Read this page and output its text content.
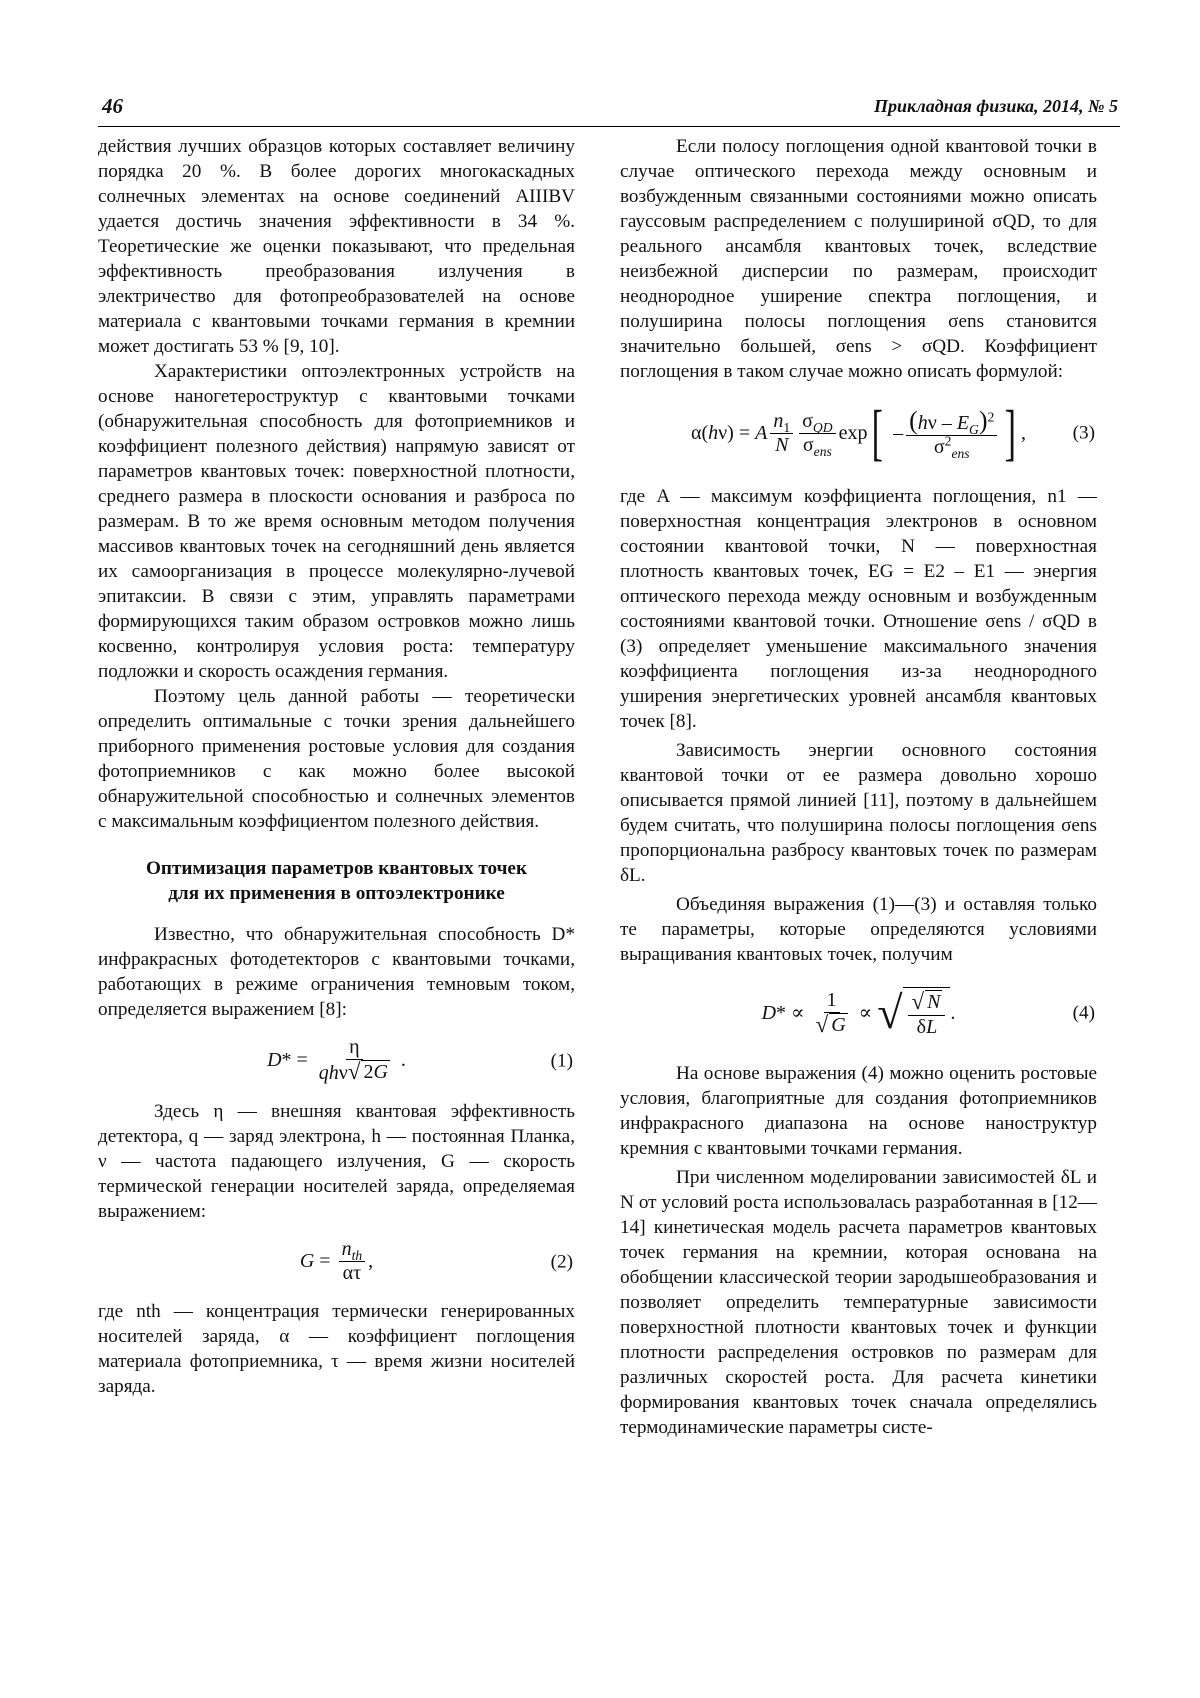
46	Прикладная физика, 2014, № 5

действия лучших образцов которых составляет величину порядка 20 %. В более дорогих многокаскадных солнечных элементах на основе соединений AIIIBV удается достичь значения эффективности в 34 %. Теоретические же оценки показывают, что предельная эффективность преобразования излучения в электричество для фотопреобразователей на основе материала с квантовыми точками германия в кремнии может достигать 53 % [9, 10].

Характеристики оптоэлектронных устройств на основе наногетероструктур с квантовыми точками (обнаружительная способность для фотоприемников и коэффициент полезного действия) напрямую зависят от параметров квантовых точек: поверхностной плотности, среднего размера в плоскости основания и разброса по размерам. В то же время основным методом получения массивов квантовых точек на сегодняшний день является их самоорганизация в процессе молекулярно-лучевой эпитаксии. В связи с этим, управлять параметрами формирующихся таким образом островков можно лишь косвенно, контролируя условия роста: температуру подложки и скорость осаждения германия.

Поэтому цель данной работы — теоретически определить оптимальные с точки зрения дальнейшего приборного применения ростовые условия для создания фотоприемников с как можно более высокой обнаружительной способностью и солнечных элементов с максимальным коэффициентом полезного действия.

Оптимизация параметров квантовых точек
для их применения в оптоэлектронике

Известно, что обнаружительная способность D* инфракрасных фотодетекторов с квантовыми точками, работающих в режиме ограничения темновым током, определяется выражением [8]:

D * = $\frac{\eta}{\text{qhν √ 2G}}$ .	(1)

Здесь η — внешняя квантовая эффективность детектора, q — заряд электрона, h — постоянная Планка, ν — частота падающего излучения, G — скорость термической генерации носителей заряда, определяемая выражением:

$G = \frac{n_{th}}{\alpha\tau}$ ,	(2)

где nth — концентрация термически генерированных носителей заряда, α — коэффициент поглощения материала фотоприемника, τ — время жизни носителей заряда.

Если полосу поглощения одной квантовой точки в случае оптического перехода между основным и возбужденным связанными состояниями можно описать гауссовым распределением с полушириной σQD, то для реального ансамбля квантовых точек, вследствие неизбежной дисперсии по размерам, происходит неоднородное уширение спектра поглощения, и полуширина полосы поглощения σens становится значительно большей, σens > σQD. Коэффициент поглощения в таком случае можно описать формулой:

α( h ν) = A $\frac{n_1}{N} \frac{\sigma_{QD}}{\sigma_{ens}}$ exp [ – $\frac{(h\nu - E_G)^2}{\sigma^2_{ens}}$ ] , (3)

где A — максимум коэффициента поглощения, n1 — поверхностная концентрация электронов в основном состоянии квантовой точки, N — поверхностная плотность квантовых точек, EG = E2 – E1 — энергия оптического перехода между основным и возбужденным состояниями квантовой точки. Отношение σens / σQD в (3) определяет уменьшение максимального значения коэффициента поглощения из-за неоднородного уширения энергетических уровней ансамбля квантовых точек [8].

Зависимость энергии основного состояния квантовой точки от ее размера довольно хорошо описывается прямой линией [11], поэтому в дальнейшем будем считать, что полуширина полосы поглощения σens пропорциональна разбросу квантовых точек по размерам δL.

Объединяя выражения (1)—(3) и оставляя только те параметры, которые определяются условиями выращивания квантовых точек, получим

D * ∝ $\frac{1}{√ G}$ ∝ √ $\frac{√ N}{\delta L}$ .	(4)

На основе выражения (4) можно оценить ростовые условия, благоприятные для создания фотоприемников инфракрасного диапазона на основе наноструктур кремния с квантовыми точками германия.

При численном моделировании зависимостей δL и N от условий роста использовалась разработанная в [12—14] кинетическая модель расчета параметров квантовых точек германия на кремнии, которая основана на обобщении классической теории зародышеобразования и позволяет определить температурные зависимости поверхностной плотности квантовых точек и функции плотности распределения островков по размерам для различных скоростей роста. Для расчета кинетики формирования квантовых точек сначала определялись термодинамические параметры систе-
